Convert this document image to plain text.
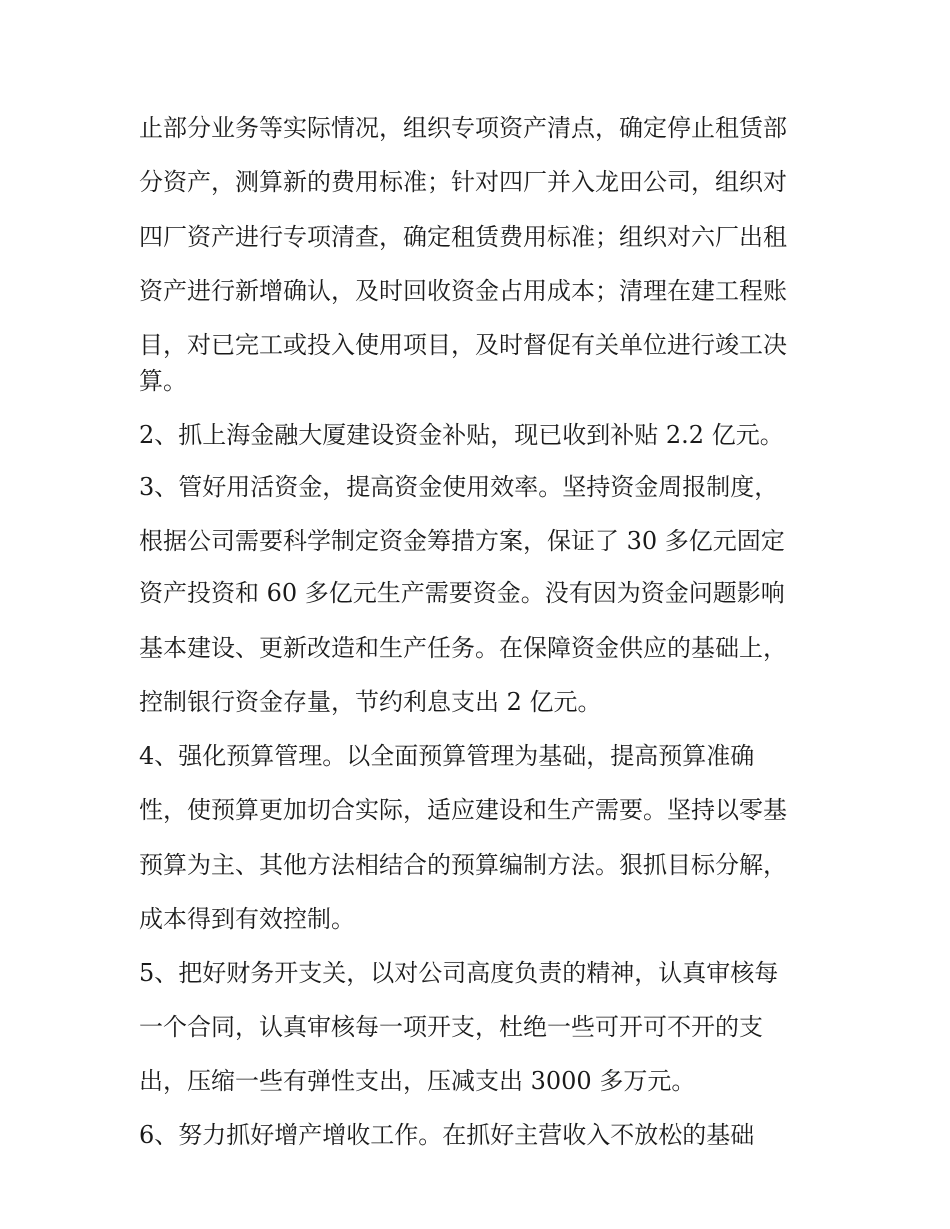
止部分业务等实际情况，组织专项资产清点，确定停止租赁部
分资产，测算新的费用标准；针对四厂并入龙田公司，组织对
四厂资产进行专项清查，确定租赁费用标准；组织对六厂出租
资产进行新增确认，及时回收资金占用成本；清理在建工程账
目，对已完工或投入使用项目，及时督促有关单位进行竣工决
算。
2、抓上海金融大厦建设资金补贴，现已收到补贴 2.2 亿元。
3、管好用活资金，提高资金使用效率。坚持资金周报制度，
根据公司需要科学制定资金筹措方案，保证了 30 多亿元固定
资产投资和 60 多亿元生产需要资金。没有因为资金问题影响
基本建设、更新改造和生产任务。在保障资金供应的基础上，
控制银行资金存量，节约利息支出 2 亿元。
4、强化预算管理。以全面预算管理为基础，提高预算准确
性，使预算更加切合实际，适应建设和生产需要。坚持以零基
预算为主、其他方法相结合的预算编制方法。狠抓目标分解，
成本得到有效控制。
5、把好财务开支关，以对公司高度负责的精神，认真审核每
一个合同，认真审核每一项开支，杜绝一些可开可不开的支
出，压缩一些有弹性支出，压减支出 3000 多万元。
6、努力抓好增产增收工作。在抓好主营收入不放松的基础
